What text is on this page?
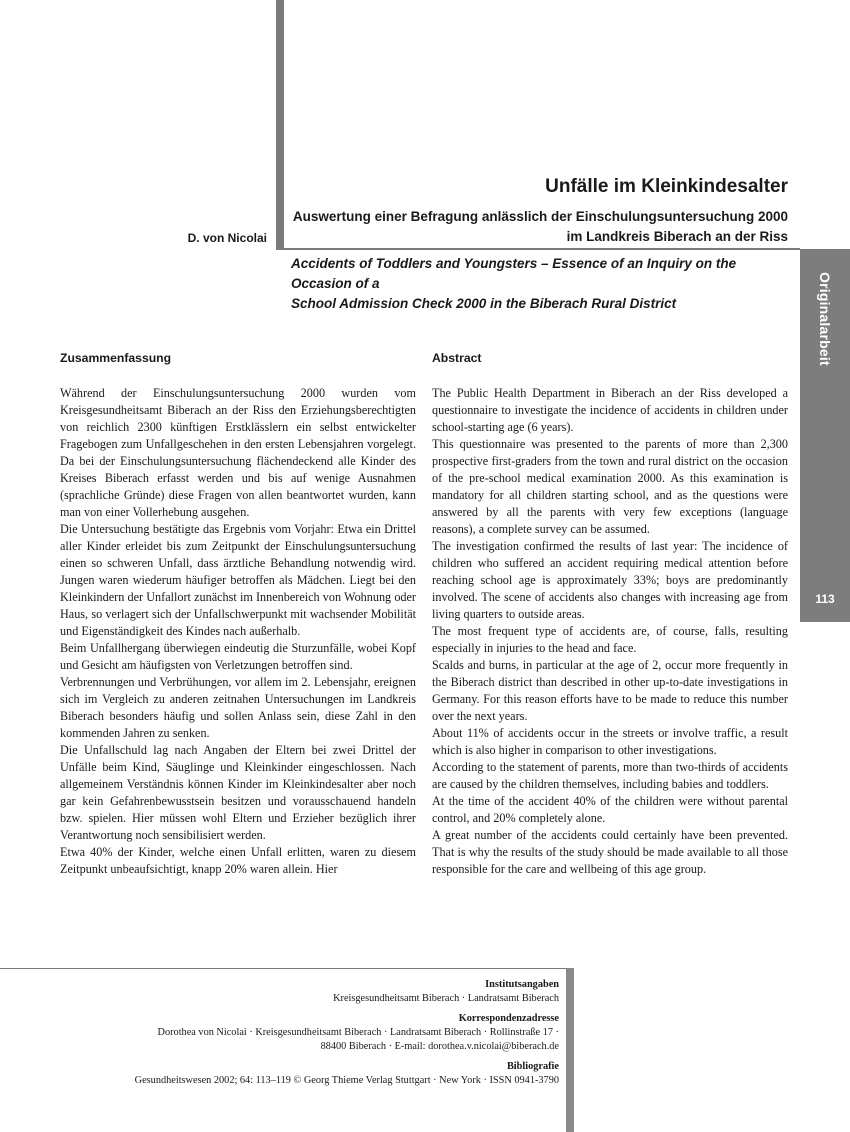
Originalarbeit
113
Unfälle im Kleinkindesalter
Auswertung einer Befragung anlässlich der Einschulungsuntersuchung 2000
im Landkreis Biberach an der Riss
D. von Nicolai
Accidents of Toddlers and Youngsters – Essence of an Inquiry on the Occasion of a
School Admission Check 2000 in the Biberach Rural District
Zusammenfassung

Während der Einschulungsuntersuchung 2000 wurden vom Kreisgesundheitsamt Biberach an der Riss den Erziehungsberechtigten von reichlich 2300 künftigen Erstklässlern ein selbst entwickelter Fragebogen zum Unfallgeschehen in den ersten Lebensjahren vorgelegt. Da bei der Einschulungsuntersuchung flächendeckend alle Kinder des Kreises Biberach erfasst werden und bis auf wenige Ausnahmen (sprachliche Gründe) diese Fragen von allen beantwortet wurden, kann man von einer Vollerhebung ausgehen.

Die Untersuchung bestätigte das Ergebnis vom Vorjahr: Etwa ein Drittel aller Kinder erleidet bis zum Zeitpunkt der Einschulungsuntersuchung einen so schweren Unfall, dass ärztliche Behandlung notwendig wird. Jungen waren wiederum häufiger betroffen als Mädchen. Liegt bei den Kleinkindern der Unfallort zunächst im Innenbereich von Wohnung oder Haus, so verlagert sich der Unfallschwerpunkt mit wachsender Mobilität und Eigenständigkeit des Kindes nach außerhalb.

Beim Unfallhergang überwiegen eindeutig die Sturzunfälle, wobei Kopf und Gesicht am häufigsten von Verletzungen betroffen sind.

Verbrennungen und Verbrühungen, vor allem im 2. Lebensjahr, ereignen sich im Vergleich zu anderen zeitnahen Untersuchungen im Landkreis Biberach besonders häufig und sollen Anlass sein, diese Zahl in den kommenden Jahren zu senken.

Die Unfallschuld lag nach Angaben der Eltern bei zwei Drittel der Unfälle beim Kind, Säuglinge und Kleinkinder eingeschlossen. Nach allgemeinem Verständnis können Kinder im Kleinkindesalter aber noch gar kein Gefahrenbewusstsein besitzen und vorausschauend handeln bzw. spielen. Hier müssen wohl Eltern und Erzieher bezüglich ihrer Verantwortung noch sensibilisiert werden.

Etwa 40% der Kinder, welche einen Unfall erlitten, waren zu diesem Zeitpunkt unbeaufsichtigt, knapp 20% waren allein. Hier

Abstract

The Public Health Department in Biberach an der Riss developed a questionnaire to investigate the incidence of accidents in children under school-starting age (6 years).

This questionnaire was presented to the parents of more than 2,300 prospective first-graders from the town and rural district on the occasion of the pre-school medical examination 2000. As this examination is mandatory for all children starting school, and as the questions were answered by all the parents with very few exceptions (language reasons), a complete survey can be assumed.

The investigation confirmed the results of last year: The incidence of children who suffered an accident requiring medical attention before reaching school age is approximately 33%; boys are predominantly involved. The scene of accidents also changes with increasing age from living quarters to outside areas.

The most frequent type of accidents are, of course, falls, resulting especially in injuries to the head and face.

Scalds and burns, in particular at the age of 2, occur more frequently in the Biberach district than described in other up-to-date investigations in Germany. For this reason efforts have to be made to reduce this number over the next years.

About 11% of accidents occur in the streets or involve traffic, a result which is also higher in comparison to other investigations.

According to the statement of parents, more than two-thirds of accidents are caused by the children themselves, including babies and toddlers.

At the time of the accident 40% of the children were without parental control, and 20% completely alone.

A great number of the accidents could certainly have been prevented. That is why the results of the study should be made available to all those responsible for the care and wellbeing of this age group.

Institutsangaben
Kreisgesundheitsamt Biberach · Landratsamt Biberach
Korrespondenzadresse
Dorothea von Nicolai · Kreisgesundheitsamt Biberach · Landratsamt Biberach · Rollinstraße 17 ·
88400 Biberach · E-mail: dorothea.v.nicolai@biberach.de
Bibliografie
Gesundheitswesen 2002; 64: 113–119 © Georg Thieme Verlag Stuttgart · New York · ISSN 0941-3790
